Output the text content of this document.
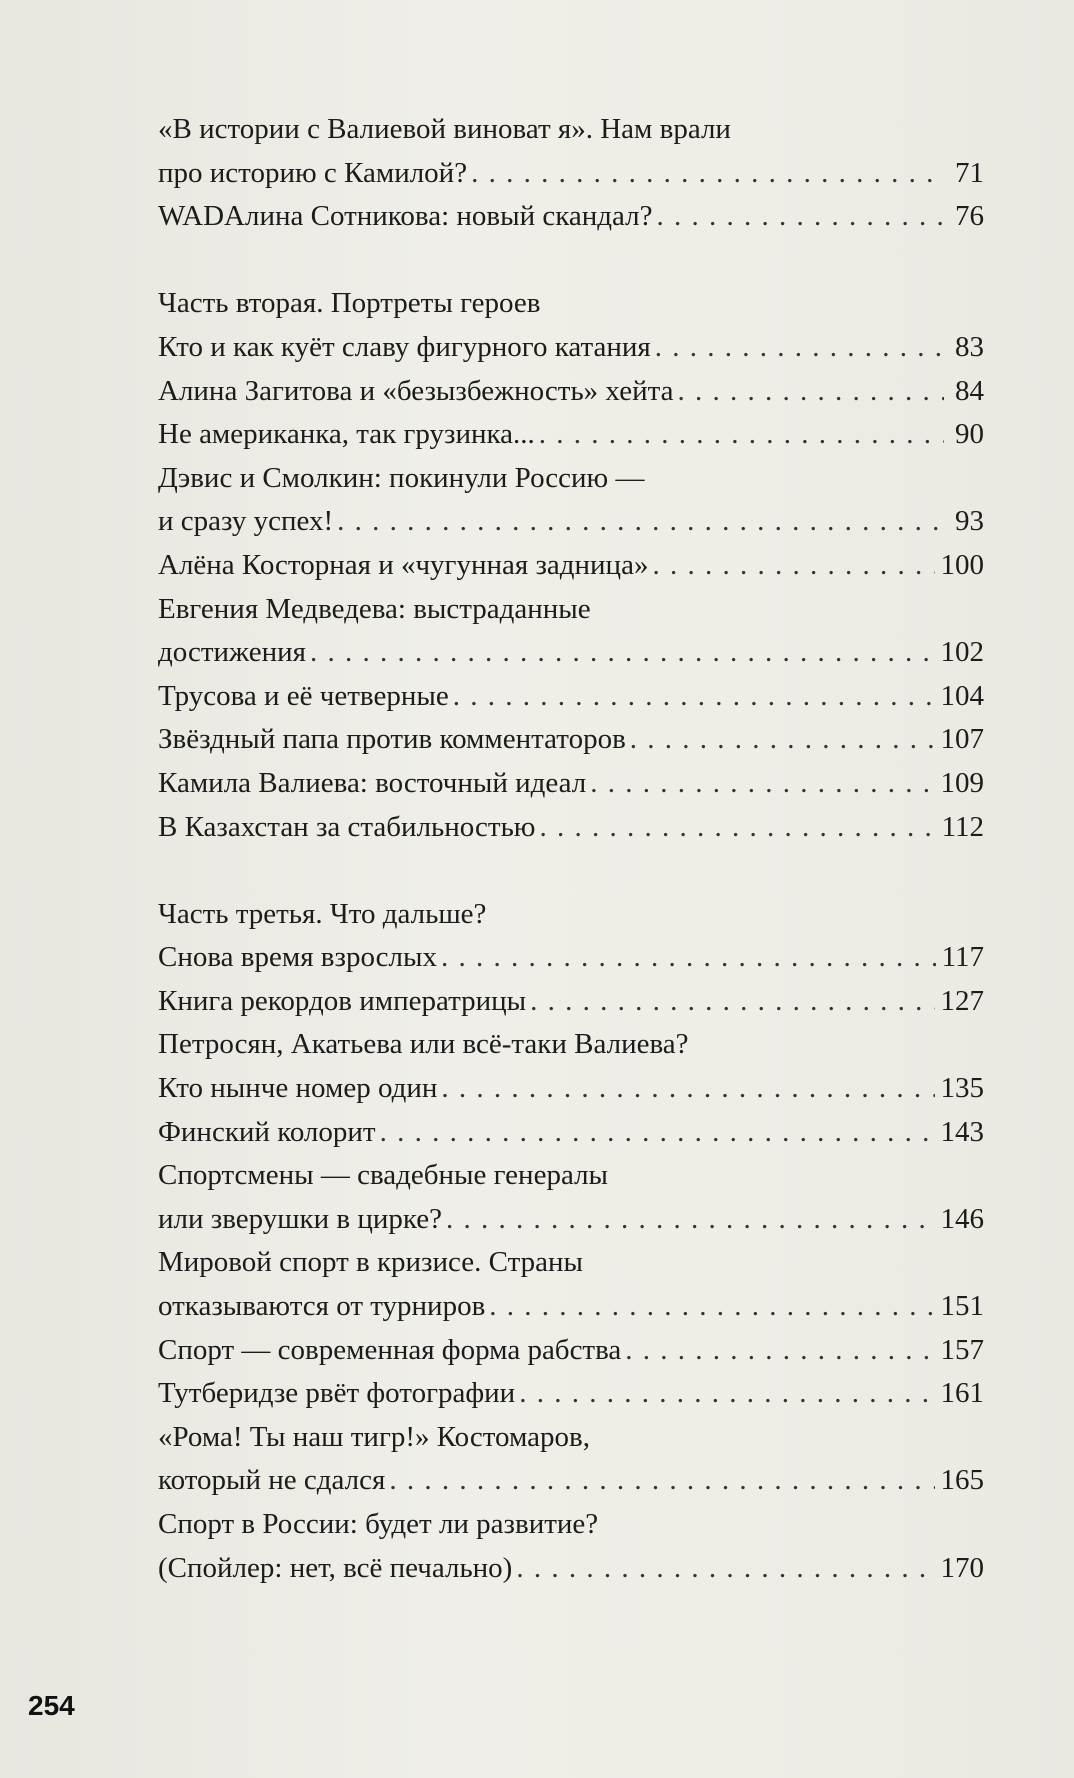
«В истории с Валиевой виноват я». Нам врали
про историю с Камилой? . . .	71
WADAлина Сотникова: новый скандал? . . .	76
Часть вторая. Портреты героев
Кто и как куёт славу фигурного катания . . .	83
Алина Загитова и «безызбежность» хейта . . .	84
Не американка, так грузинка... . . .	90
Дэвис и Смолкин: покинули Россию —
и сразу успех! . . .	93
Алёна Косторная и «чугунная задница» . . .	100
Евгения Медведева: выстраданные
достижения . . .	102
Трусова и её четверные . . .	104
Звёздный папа против комментаторов . . .	107
Камила Валиева: восточный идеал . . .	109
В Казахстан за стабильностью . . .	112
Часть третья. Что дальше?
Снова время взрослых . . .	117
Книга рекордов императрицы . . .	127
Петросян, Акатьева или всё-таки Валиева?
Кто нынче номер один . . .	135
Финский колорит . . .	143
Спортсмены — свадебные генералы
или зверушки в цирке? . . .	146
Мировой спорт в кризисе. Страны
отказываются от турниров . . .	151
Спорт — современная форма рабства . . .	157
Тутберидзе рвёт фотографии . . .	161
«Рома! Ты наш тигр!» Костомаров,
который не сдался . . .	165
Спорт в России: будет ли развитие?
(Спойлер: нет, всё печально) . . .	170
254
